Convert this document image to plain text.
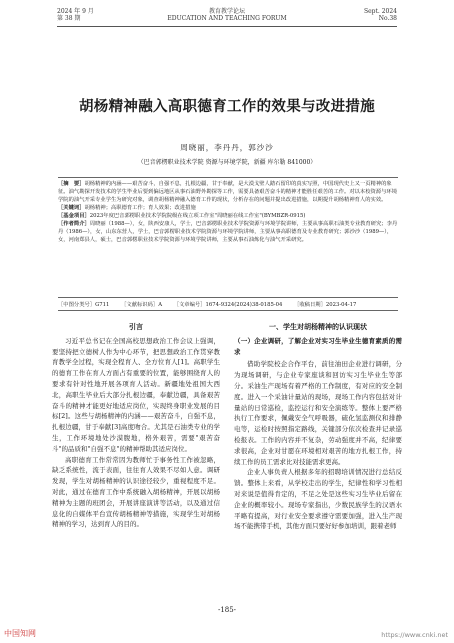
2024 年 9 月
第 38 期
教育教学论坛
EDUCATION AND TEACHING FORUM
Sept. 2024
No.38
胡杨精神融入高职德育工作的效果与改进措施
周晓丽，李丹丹，郭沙沙
（巴音郭楞职业技术学院 资源与环境学院，新疆 库尔勒 841000）

［摘　要］胡杨精神的内涵——艰苦奋斗，自强不息，扎根边疆，甘于奉献，是大漠戈壁人踏石留印的真实写照，中国现代史上又一页精神的象征。油气勘探开发技术的学生毕业后要到偏远地区从事石油野外勘探等工作，需要具备艰苦奋斗的精神才能胜任艰苦的工作。对以本校资源与环境学院的油气开采专业学生为研究对象，调查胡杨精神融入德育工作的现状，分析存在的问题并提出改进措施，以期提升胡杨精神育人的实效。

［关键词］胡杨精神；高职德育工作；育人效果；改进措施

［基金项目］2023年度巴音郭楞职业技术学院院级在线立项工作室"周晓丽在线工作室"(BYMBZR-0915)

［作者简介］周晓丽（1988—），女，陕西安康人，学士，巴音郭楞职业技术学院资源与环境学院讲师，主要从事高职石油类专业教育研究；李丹丹（1986—），女，山东东营人，学士，巴音郭楞职业技术学院资源与环境学院讲师，主要从事高职德育及专业教育研究；郭沙沙（1989—），女，河南郑县人，硕士，巴音郭楞职业技术学院资源与环境学院讲师，主要从事石油炼化与油气开采研究。

［中图分类号］G711 ［文献标识码］A ［文章编号］1674-9324(2024)38-0185-04 ［收稿日期］2023-04-17
引言

习近平总书记在全国高校思想政治工作会议上强调，要坚持把立德树人作为中心环节，把思想政治工作贯穿教育教学全过程，实现全程育人、全方位育人[1]。高职学生的德育工作在育人方面占有重要的位置，能够围绕育人的要求有针对性地开展各项育人活动。新疆地处祖国大西北，高职生毕业后大部分扎根边疆，奉献边疆，具备艰苦奋斗的精神才能更好地适应岗位，实现终身职业发展的目标[2]。这些与胡杨精神的内涵——艰苦奋斗，自强不息，扎根边疆，甘于奉献[3]高度吻合。尤其是石油类专业的学生，工作环境地处沙漠腹地，格外艰苦，需要"艰苦奋斗"的品质和"自强不息"的精神帮助其适应岗位。

高职德育工作常常因为教师忙于事务性工作被忽略，缺乏系统性，流于表面，往往育人效果不尽如人意。调研发现，学生对胡杨精神的认识途径较少，重视程度不足。对此，通过在德育工作中系统融入胡杨精神，开展以胡杨精神为主题的班团会，开展讲座演讲等活动，以及通过信息化的自媒体平台宣传胡杨精神等措施，实现学生对胡杨精神的学习，达到育人的目的。

一、学生对胡杨精神的认识现状
（一）企业调研，了解企业对实习生毕业生德育素质的需求

借助学院校企合作平台，前往油田企业进行调研，分为现场调研，与企业专家座谈和回访实习生毕业生等部分。采油生产现场有着严格的工作制度，有对应的安全制度。进入一个采油计量站的现场，现场工作内容包括对计量站的日常巡检，监控运行和安全演练等。整体上要严格执行工作要求，佩戴安全气呼吸器，硫化氢监测仪和排静电等，运检时按照指定路线，关键部分依次检查并记录巡检报表。工作的内容并不复杂，劳动强度并不高，纪律要求很高，企业对甘愿在环境相对艰苦的地方扎根工作，持续工作的员工需求比对技能需求更高。

企业人事负责人根据多年的招聘培训情况进行总结反馈。整体上来看，从学校走出的学生，纪律性和学习性相对来说是值得肯定的，不足之处是这些实习生毕业后留在企业的概率较小。现场专家指出，少数民族学生的汉语水平略有提高，对行业安全要求遵守需要加强，进入生产现场不能携带手机，其他方面只要好好参加培训，跟着老师

-185-
中国知网	https://www.cnki.net
